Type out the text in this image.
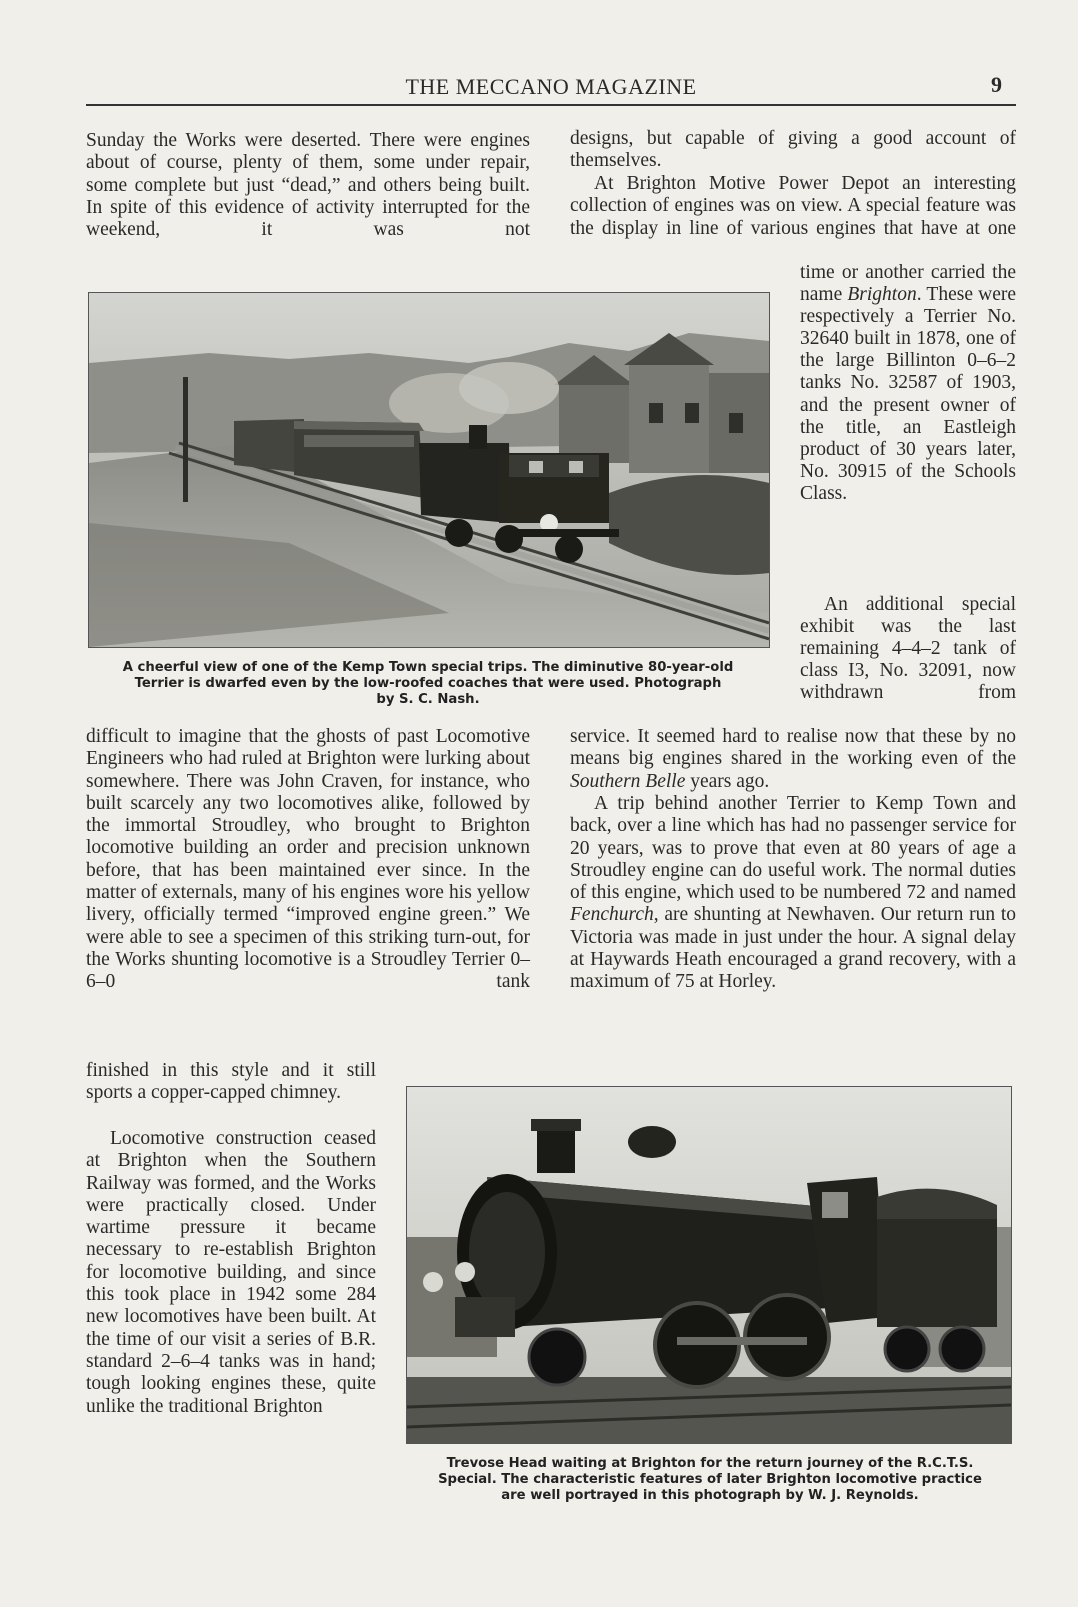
THE MECCANO MAGAZINE	9

Sunday the Works were deserted. There were engines about of course, plenty of them, some under repair, some complete but just “dead,” and others being built. In spite of this evidence of activity interrupted for the weekend, it was not

designs, but capable of giving a good account of themselves.

At Brighton Motive Power Depot an interesting collection of engines was on view. A special feature was the display in line of various engines that have at one

time or another carried the name Brighton. These were respectively a Terrier No. 32640 built in 1878, one of the large Billinton 0–6–2 tanks No. 32587 of 1903, and the present owner of the title, an Eastleigh product of 30 years later, No. 30915 of the Schools Class.

An additional special exhibit was the last remaining 4–4–2 tank of class I3, No. 32091, now withdrawn from

A cheerful view of one of the Kemp Town special trips. The diminutive 80-year-old
Terrier is dwarfed even by the low-roofed coaches that were used. Photograph
by S. C. Nash.

difficult to imagine that the ghosts of past Locomotive Engineers who had ruled at Brighton were lurking about somewhere. There was John Craven, for instance, who built scarcely any two locomotives alike, followed by the immortal Stroudley, who brought to Brighton locomotive building an order and precision unknown before, that has been maintained ever since. In the matter of externals, many of his engines wore his yellow livery, officially termed “improved engine green.” We were able to see a specimen of this striking turn-out, for the Works shunting locomotive is a Stroudley Terrier 0–6–0 tank

finished in this style and it still sports a copper-capped chimney.

Locomotive construction ceased at Brighton when the Southern Railway was formed, and the Works were practically closed. Under wartime pressure it became necessary to re-establish Brighton for locomotive building, and since this took place in 1942 some 284 new locomotives have been built. At the time of our visit a series of B.R. standard 2–6–4 tanks was in hand; tough looking engines these, quite unlike the traditional Brighton

service. It seemed hard to realise now that these by no means big engines shared in the working even of the Southern Belle years ago.

A trip behind another Terrier to Kemp Town and back, over a line which has had no passenger service for 20 years, was to prove that even at 80 years of age a Stroudley engine can do useful work. The normal duties of this engine, which used to be numbered 72 and named Fenchurch, are shunting at Newhaven. Our return run to Victoria was made in just under the hour. A signal delay at Haywards Heath encouraged a grand recovery, with a maximum of 75 at Horley.

Trevose Head waiting at Brighton for the return journey of the R.C.T.S.
Special. The characteristic features of later Brighton locomotive practice
are well portrayed in this photograph by W. J. Reynolds.
